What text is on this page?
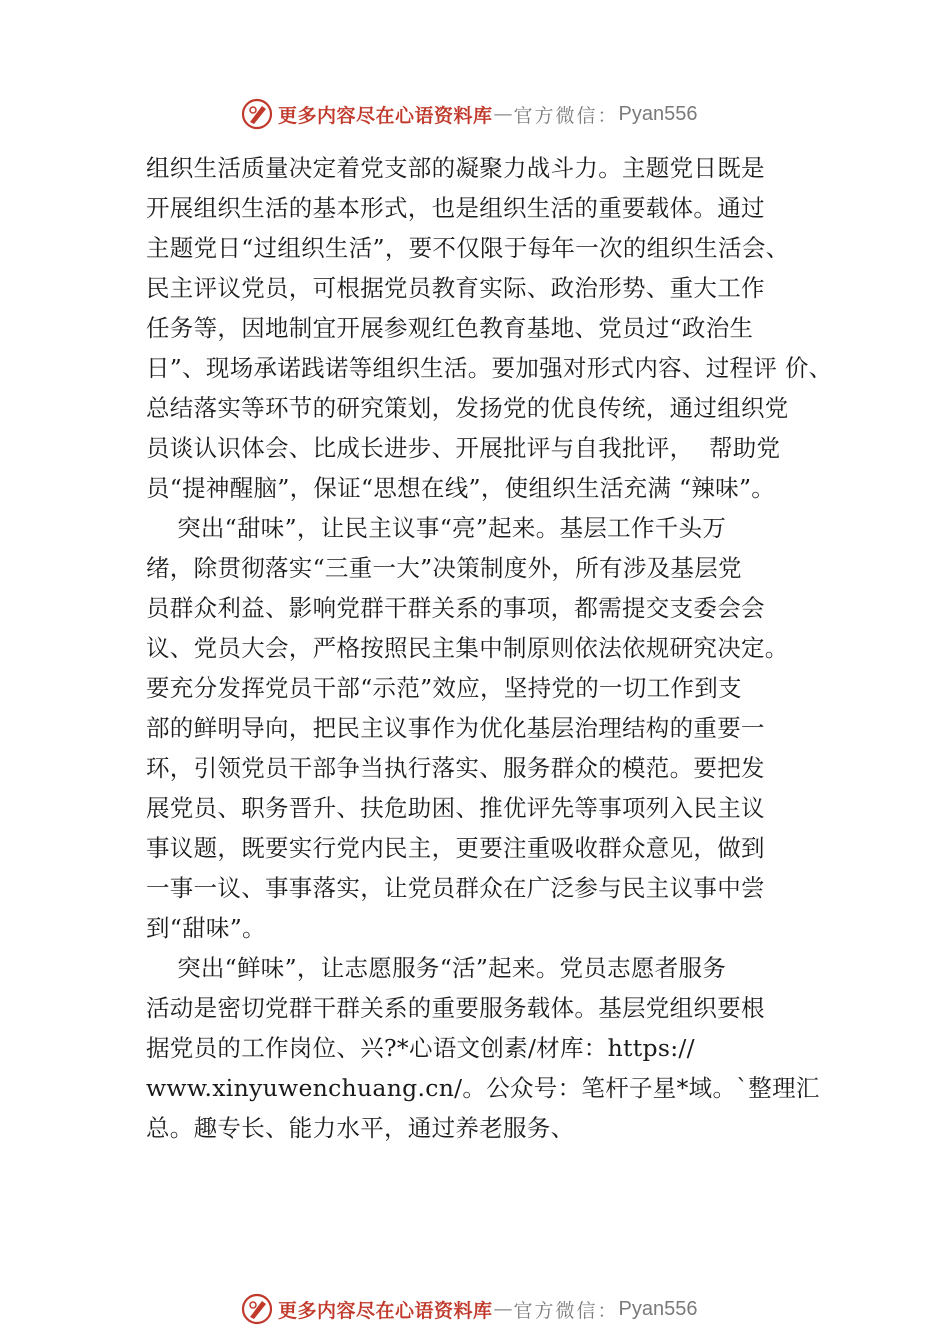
更多内容尽在心语资料库 — 官方微信： Pyan556
组织生活质量决定着党支部的凝聚力战斗力。主题党日既是
开展组织生活的基本形式，也是组织生活的重要载体。通过
主题党日“过组织生活”，要不仅限于每年一次的组织生活会、
民主评议党员，可根据党员教育实际、政治形势、重大工作
任务等，因地制宜开展参观红色教育基地、党员过“政治生
日”、现场承诺践诺等组织生活。要加强对形式内容、过程评 价、
总结落实等环节的研究策划，发扬党的优良传统，通过组织党
员谈认识体会、比成长进步、开展批评与自我批评，  帮助党
员“提神醒脑”，保证“思想在线”，使组织生活充满 “辣味”。
突出“甜味”，让民主议事“亮”起来。基层工作千头万
绪，除贯彻落实“三重一大”决策制度外，所有涉及基层党
员群众利益、影响党群干群关系的事项，都需提交支委会会
议、党员大会，严格按照民主集中制原则依法依规研究决定。
要充分发挥党员干部“示范”效应，坚持党的一切工作到支
部的鲜明导向，把民主议事作为优化基层治理结构的重要一
环，引领党员干部争当执行落实、服务群众的模范。要把发
展党员、职务晋升、扶危助困、推优评先等事项列入民主议
事议题，既要实行党内民主，更要注重吸收群众意见，做到
一事一议、事事落实，让党员群众在广泛参与民主议事中尝
到“甜味”。
突出“鲜味”，让志愿服务“活”起来。党员志愿者服务
活动是密切党群干群关系的重要服务载体。基层党组织要根
据党员的工作岗位、兴?*心语文创素/材库：https://
www.xinyuwenchuang.cn/。公众号：笔杆子星*域。`整理汇
总。趣专长、能力水平，通过养老服务、
更多内容尽在心语资料库 — 官方微信： Pyan556
